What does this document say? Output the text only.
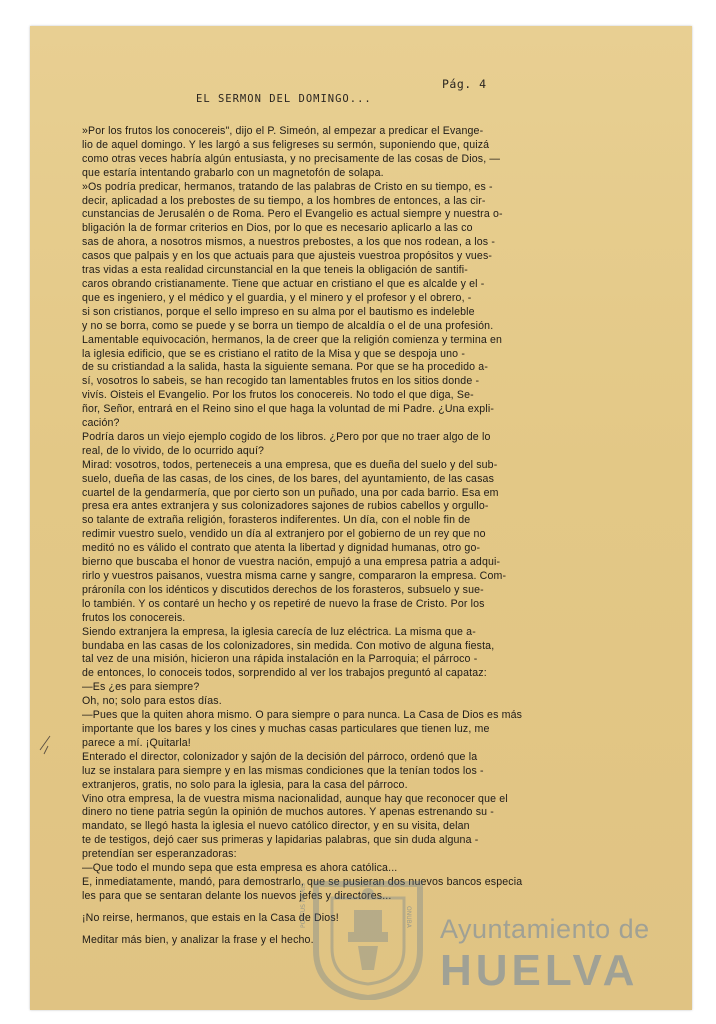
Pág. 4
EL SERMON DEL DOMINGO...
»Por los frutos los conocereis", dijo el P. Simeón, al empezar a predicar el Evange-
lio de aquel domingo. Y les largó a sus feligreses su sermón, suponiendo que, quizá
como otras veces habría algún entusiasta, y no precisamente de las cosas de Dios, —
que estaría intentando grabarlo con un magnetofón de solapa.
»Os podría predicar, hermanos, tratando de las palabras de Cristo en su tiempo, es -
decir, aplicadad a los prebostes de su tiempo, a los hombres de entonces, a las cir-
cunstancias de Jerusalén o de Roma. Pero el Evangelio es actual siempre y nuestra o-
bligación la de formar criterios en Dios, por lo que es necesario aplicarlo a las co
sas de ahora, a nosotros mismos, a nuestros prebostes, a los que nos rodean, a los -
casos que palpais y en los que actuais para que ajusteis vuestroa propósitos y vues-
tras vidas a esta realidad circunstancial en la que teneis la obligación de santifi-
caros obrando cristianamente. Tiene que actuar en cristiano el que es alcalde y el -
que es ingeniero, y el médico y el guardia, y el minero y el profesor y el obrero, -
si son cristianos, porque el sello impreso en su alma por el bautismo es indeleble
y no se borra, como se puede y se borra un tiempo de alcaldía o el de una profesión.
Lamentable equivocación, hermanos, la de creer que la religión comienza y termina en
la iglesia edificio, que se es cristiano el ratito de la Misa y que se despoja uno -
de su cristiandad a la salida, hasta la siguiente semana. Por que se ha procedido a-
sí, vosotros lo sabeis, se han recogido tan lamentables frutos en los sitios donde -
vivís. Oisteis el Evangelio. Por los frutos los conocereis. No todo el que diga, Se-
ñor, Señor, entrará en el Reino sino el que haga la voluntad de mi Padre. ¿Una expli-
cación?
Podría daros un viejo ejemplo cogido de los libros. ¿Pero por que no traer algo de lo
real, de lo vivido, de lo ocurrido aquí?
Mirad: vosotros, todos, perteneceis a una empresa, que es dueña del suelo y del sub-
suelo, dueña de las casas, de los cines, de los bares, del ayuntamiento, de las casas
cuartel de la gendarmería, que por cierto son un puñado, una por cada barrio. Esa em
presa era antes extranjera y sus colonizadores sajones de rubios cabellos y orgullo-
so talante de extraña religión, forasteros indiferentes. Un día, con el noble fin de
redimir vuestro suelo, vendido un día al extranjero por el gobierno de un rey que no
meditó no es válido el contrato que atenta la libertad y dignidad humanas, otro go-
bierno que buscaba el honor de vuestra nación, empujó a una empresa patria a adqui-
rirlo y vuestros paisanos, vuestra misma carne y sangre, compararon la empresa. Com-
prároníla con los idénticos y discutidos derechos de los forasteros, subsuelo y sue-
lo también. Y os contaré un hecho y os repetiré de nuevo la frase de Cristo. Por los
frutos los conocereis.
Siendo extranjera la empresa, la iglesia carecía de luz eléctrica. La misma que a-
bundaba en las casas de los colonizadores, sin medida. Con motivo de alguna fiesta,
tal vez de una misión, hicieron una rápida instalación en la Parroquia; el párroco -
de entonces, lo conoceis todos, sorprendido al ver los trabajos preguntó al capataz:
—Es ¿es para siempre?
Oh, no; solo para estos días.
—Pues que la quiten ahora mismo. O para siempre o para nunca. La Casa de Dios es más
importante que los bares y los cines y muchas casas particulares que tienen luz, me
parece a mí. ¡Quitarla!
Enterado el director, colonizador y sajón de la decisión del párroco, ordenó que la
luz se instalara para siempre y en las mismas condiciones que la tenían todos los -
extranjeros, gratis, no solo para la iglesia, para la casa del párroco.
Vino otra empresa, la de vuestra misma nacionalidad, aunque hay que reconocer que el
dinero no tiene patria según la opinión de muchos autores. Y apenas estrenando su -
mandato, se llegó hasta la iglesia el nuevo católico director, y en su visita, delan
te de testigos, dejó caer sus primeras y lapidarias palabras, que sin duda alguna -
pretendían ser esperanzadoras:
—Que todo el mundo sepa que esta empresa es ahora católica...
E, inmediatamente, mandó, para demostrarlo, que se pusieran dos nuevos bancos especia
les para que se sentaran delante los nuevos jefes y directores...
¡No reirse, hermanos, que estais en la Casa de Dios!
Meditar más bien, y analizar la frase y el hecho.	Ayuntamiento de
HUELVA
PORTUS MARIS	ONUBA
